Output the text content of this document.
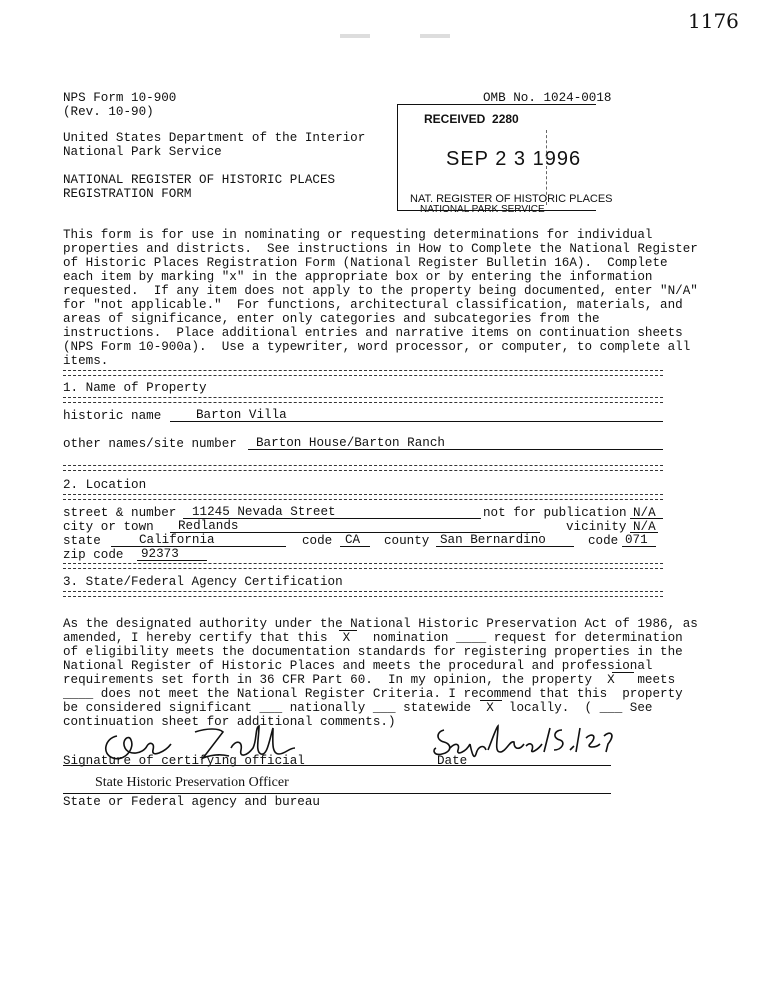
1176
NPS Form 10-900
(Rev. 10-90)
OMB No. 1024-0018
United States Department of the Interior
National Park Service
NATIONAL REGISTER OF HISTORIC PLACES
REGISTRATION FORM
RECEIVED  2280
SEP 2 3 1996
NAT. REGISTER OF HISTORIC PLACES
NATIONAL PARK SERVICE

This form is for use in nominating or requesting determinations for individual
properties and districts.  See instructions in How to Complete the National Register
of Historic Places Registration Form (National Register Bulletin 16A).  Complete
each item by marking "x" in the appropriate box or by entering the information
requested.  If any item does not apply to the property being documented, enter "N/A"
for "not applicable."  For functions, architectural classification, materials, and
areas of significance, enter only categories and subcategories from the
instructions.  Place additional entries and narrative items on continuation sheets
(NPS Form 10-900a).  Use a typewriter, word processor, or computer, to complete all
items.

1. Name of Property
historic name	Barton Villa
other names/site number Barton House/Barton Ranch
2. Location
street & number 11245 Nevada Street	not for publication N/A
city or town Redlands	vicinity N/A
state	California	code CA county San Bernardino	code 071
zip code 92373
3. State/Federal Agency Certification

As the designated authority under the National Historic Preservation Act of 1986, as
amended, I hereby certify that this  X   nomination ____ request for determination
of eligibility meets the documentation standards for registering properties in the
National Register of Historic Places and meets the procedural and professional
requirements set forth in 36 CFR Part 60.  In my opinion, the property  X   meets
____ does not meet the National Register Criteria. I recommend that this  property
be considered significant ___ nationally ___ statewide  X  locally.  ( ___ See
continuation sheet for additional comments.)

Signature of certifying official	Date
State Historic Preservation Officer
State or Federal agency and bureau
